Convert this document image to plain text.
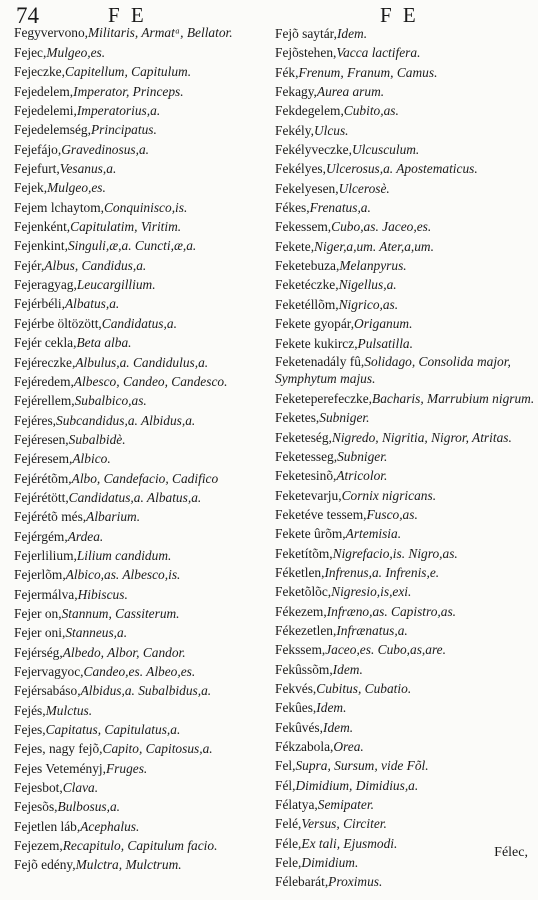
74	F E	F E
Fegyvervono,Militaris, Armatᵃ, Bellator.
Fejec,Mulgeo,es.
Fejeczke,Capitellum, Capitulum.
Fejedelem,Imperator, Princeps.
Fejedelemi,Imperatorius,a.
Fejedelemség,Principatus.
Fejefájo,Gravedinosus,a.
Fejefurt,Vesanus,a.
Fejek,Mulgeo,es.
Fejem lchaytom,Conquinisco,is.
Fejenként,Capitulatim, Viritim.
Fejenkint,Singuli,æ,a. Cuncti,æ,a.
Fejér,Albus, Candidus,a.
Fejeragyag,Leucargillium.
Fejérbéli,Albatus,a.
Fejérbe öltözött,Candidatus,a.
Fejér cekla,Beta alba.
Fejéreczke,Albulus,a. Candidulus,a.
Fejéredem,Albesco, Candeo, Candesco.
Fejérellem,Subalbico,as.
Fejéres,Subcandidus,a. Albidus,a.
Fejéresen,Subalbidè.
Fejéresem,Albico.
Fejérétõm,Albo, Candefacio, Cadifico
Fejérétött,Candidatus,a. Albatus,a.
Fejérétõ més,Albarium.
Fejérgém,Ardea.
Fejerlilium,Lilium candidum.
Fejerlõm,Albico,as. Albesco,is.
Fejermálva,Hibiscus.
Fejer on,Stannum, Cassiterum.
Fejer oni,Stanneus,a.
Fejérség,Albedo, Albor, Candor.
Fejervagyoc,Candeo,es. Albeo,es.
Fejérsabáso,Albidus,a. Subalbidus,a.
Fejés,Mulctus.
Fejes,Capitatus, Capitulatus,a.
Fejes, nagy fejõ,Capito, Capitosus,a.
Fejes Veteményj,Fruges.
Fejesbot,Clava.
Fejesõs,Bulbosus,a.
Fejetlen láb,Acephalus.
Fejezem,Recapitulo, Capitulum facio.
Fejõ edény,Mulctra, Mulctrum.
Fejõ saytár,Idem.
Fejõstehen,Vacca lactifera.
Fék,Frenum, Franum, Camus.
Fekagy,Aurea arum.
Fekdegelem,Cubito,as.
Fekély,Ulcus.
Fekélyveczke,Ulcusculum.
Fekélyes,Ulcerosus,a. Apostematicus.
Fekelyesen,Ulcerosè.
Fékes,Frenatus,a.
Fekessem,Cubo,as. Jaceo,es.
Fekete,Niger,a,um. Ater,a,um.
Feketebuza,Melanpyrus.
Feketéczke,Nigellus,a.
Feketéllõm,Nigrico,as.
Fekete gyopár,Origanum.
Fekete kukircz,Pulsatilla.
Feketenadály fû,Solidago, Consolida major, Symphytum majus.
Feketeperefeczke,Bacharis, Marrubium nigrum.
Feketes,Subniger.
Feketeség,Nigredo, Nigritia, Nigror, Atritas.
Feketesseg,Subniger.
Feketesinõ,Atricolor.
Feketevarju,Cornix nigricans.
Feketéve tessem,Fusco,as.
Fekete ûrõm,Artemisia.
Feketítõm,Nigrefacio,is. Nigro,as.
Féketlen,Infrenus,a. Infrenis,e.
Feketõlõc,Nigresio,is,exi.
Fékezem,Infræno,as. Capistro,as.
Fékezetlen,Infrænatus,a.
Fekssem,Jaceo,es. Cubo,as,are.
Fekûssõm,Idem.
Fekvés,Cubitus, Cubatio.
Fekûes,Idem.
Fekûvés,Idem.
Fékzabola,Orea.
Fel,Supra, Sursum, vide Fõl.
Fél,Dimidium, Dimidius,a.
Félatya,Semipater.
Felé,Versus, Circiter.
Féle,Ex tali, Ejusmodi.
Fele,Dimidium.
Félebarát,Proximus.
Félec,
